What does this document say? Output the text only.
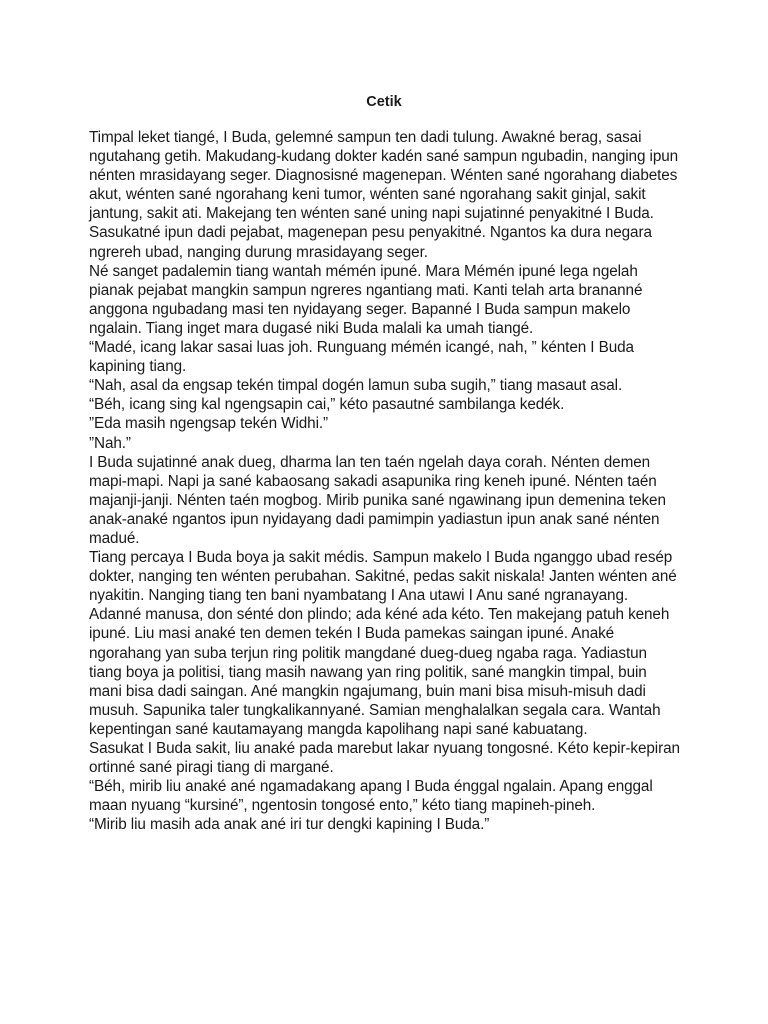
Cetik

Timpal leket tiangé, I Buda, gelemné sampun ten dadi tulung. Awakné berag, sasai ngutahang getih. Makudang-kudang dokter kadén sané sampun ngubadin, nanging ipun nénten mrasidayang seger. Diagnosisné magenepan. Wénten sané ngorahang diabetes akut, wénten sané ngorahang keni tumor, wénten sané ngorahang sakit ginjal, sakit jantung, sakit ati. Makejang ten wénten sané uning napi sujatinné penyakitné I Buda. Sasukatné ipun dadi pejabat, magenepan pesu penyakitné. Ngantos ka dura negara ngrereh ubad, nanging durung mrasidayang seger.

Né sanget padalemin tiang wantah mémén ipuné. Mara Mémén ipuné lega ngelah pianak pejabat mangkin sampun ngreres ngantiang mati. Kanti telah arta brananné anggona ngubadang masi ten nyidayang seger. Bapanné I Buda sampun makelo ngalain. Tiang inget mara dugasé niki Buda malali ka umah tiangé.

“Madé, icang lakar sasai luas joh. Runguang mémén icangé, nah, ” kénten I Buda kapining tiang.

“Nah, asal da engsap tekén timpal dogén lamun suba sugih,” tiang masaut asal.

“Béh, icang sing kal ngengsapin cai,” kéto pasautné sambilanga kedék.

”Eda masih ngengsap tekén Widhi.”

”Nah.”

I Buda sujatinné anak dueg, dharma lan ten taén ngelah daya corah. Nénten demen mapi-mapi. Napi ja sané kabaosang sakadi asapunika ring keneh ipuné. Nénten taén majanji-janji. Nénten taén mogbog. Mirib punika sané ngawinang ipun demenina teken anak-anaké ngantos ipun nyidayang dadi pamimpin yadiastun ipun anak sané nénten madué.

Tiang percaya I Buda boya ja sakit médis. Sampun makelo I Buda nganggo ubad resép dokter, nanging ten wénten perubahan. Sakitné, pedas sakit niskala! Janten wénten ané nyakitin. Nanging tiang ten bani nyambatang I Ana utawi I Anu sané ngranayang. Adanné manusa, don sénté don plindo; ada kéné ada kéto. Ten makejang patuh keneh ipuné. Liu masi anaké ten demen tekén I Buda pamekas saingan ipuné. Anaké ngorahang yan suba terjun ring politik mangdané dueg-dueg ngaba raga. Yadiastun tiang boya ja politisi, tiang masih nawang yan ring politik, sané mangkin timpal, buin mani bisa dadi saingan. Ané mangkin ngajumang, buin mani bisa misuh-misuh dadi musuh. Sapunika taler tungkalikannyané. Samian menghalalkan segala cara. Wantah kepentingan sané kautamayang mangda kapolihang napi sané kabuatang.

Sasukat I Buda sakit, liu anaké pada marebut lakar nyuang tongosné. Kéto kepir-kepiran ortinné sané piragi tiang di margané.

“Béh, mirib liu anaké ané ngamadakang apang I Buda énggal ngalain. Apang enggal maan nyuang “kursiné”, ngentosin tongosé ento,” kéto tiang mapineh-pineh.

“Mirib liu masih ada anak ané iri tur dengki kapining I Buda.”
